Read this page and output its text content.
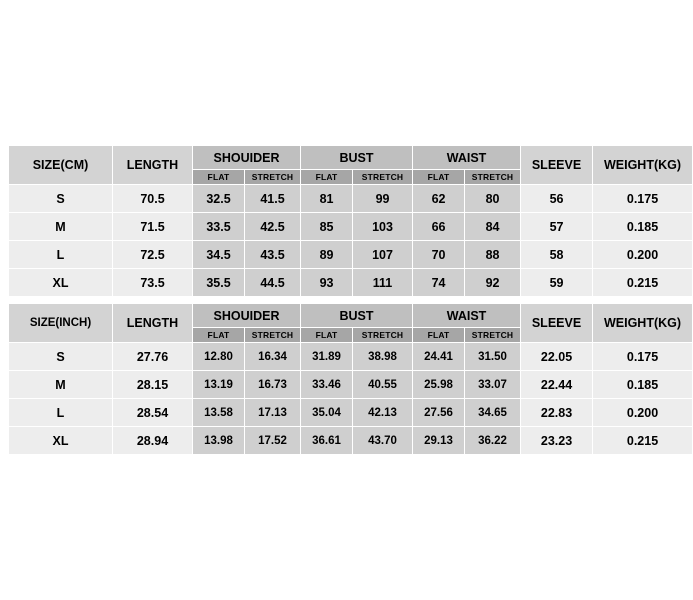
SIZE(CM)	LENGTH	SHOUIDER		BUST		WAIST		SLEEVE	WEIGHT(KG)
		FLAT	STRETCH	FLAT	STRETCH	FLAT	STRETCH		
S	70.5	32.5	41.5	81	99	62	80	56	0.175
M	71.5	33.5	42.5	85	103	66	84	57	0.185
L	72.5	34.5	43.5	89	107	70	88	58	0.200
XL	73.5	35.5	44.5	93	111	74	92	59	0.215
SIZE(INCH)	LENGTH	SHOUIDER		BUST		WAIST		SLEEVE	WEIGHT(KG)
		FLAT	STRETCH	FLAT	STRETCH	FLAT	STRETCH		
S	27.76	12.80	16.34	31.89	38.98	24.41	31.50	22.05	0.175
M	28.15	13.19	16.73	33.46	40.55	25.98	33.07	22.44	0.185
L	28.54	13.58	17.13	35.04	42.13	27.56	34.65	22.83	0.200
XL	28.94	13.98	17.52	36.61	43.70	29.13	36.22	23.23	0.215
